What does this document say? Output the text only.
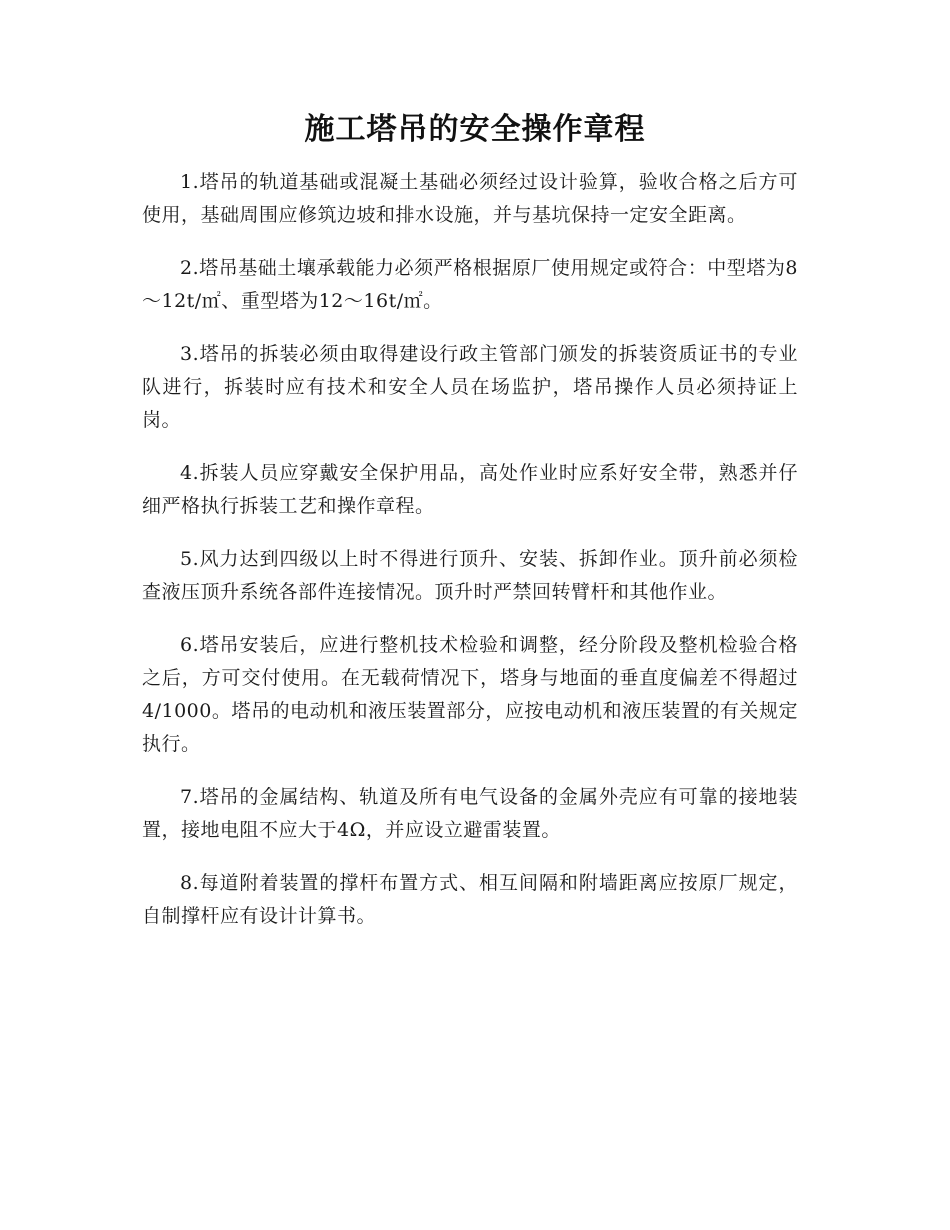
施工塔吊的安全操作章程

1.塔吊的轨道基础或混凝土基础必须经过设计验算，验收合格之后方可使用，基础周围应修筑边坡和排水设施，并与基坑保持一定安全距离。

2.塔吊基础土壤承载能力必须严格根据原厂使用规定或符合：中型塔为8～12t/㎡、重型塔为12～16t/㎡。

3.塔吊的拆装必须由取得建设行政主管部门颁发的拆装资质证书的专业队进行，拆装时应有技术和安全人员在场监护，塔吊操作人员必须持证上岗。

4.拆装人员应穿戴安全保护用品，高处作业时应系好安全带，熟悉并仔细严格执行拆装工艺和操作章程。

5.风力达到四级以上时不得进行顶升、安装、拆卸作业。顶升前必须检查液压顶升系统各部件连接情况。顶升时严禁回转臂杆和其他作业。

6.塔吊安装后，应进行整机技术检验和调整，经分阶段及整机检验合格之后，方可交付使用。在无载荷情况下，塔身与地面的垂直度偏差不得超过4/1000。塔吊的电动机和液压装置部分，应按电动机和液压装置的有关规定执行。

7.塔吊的金属结构、轨道及所有电气设备的金属外壳应有可靠的接地装置，接地电阻不应大于4Ω，并应设立避雷装置。

8.每道附着装置的撑杆布置方式、相互间隔和附墙距离应按原厂规定，自制撑杆应有设计计算书。
